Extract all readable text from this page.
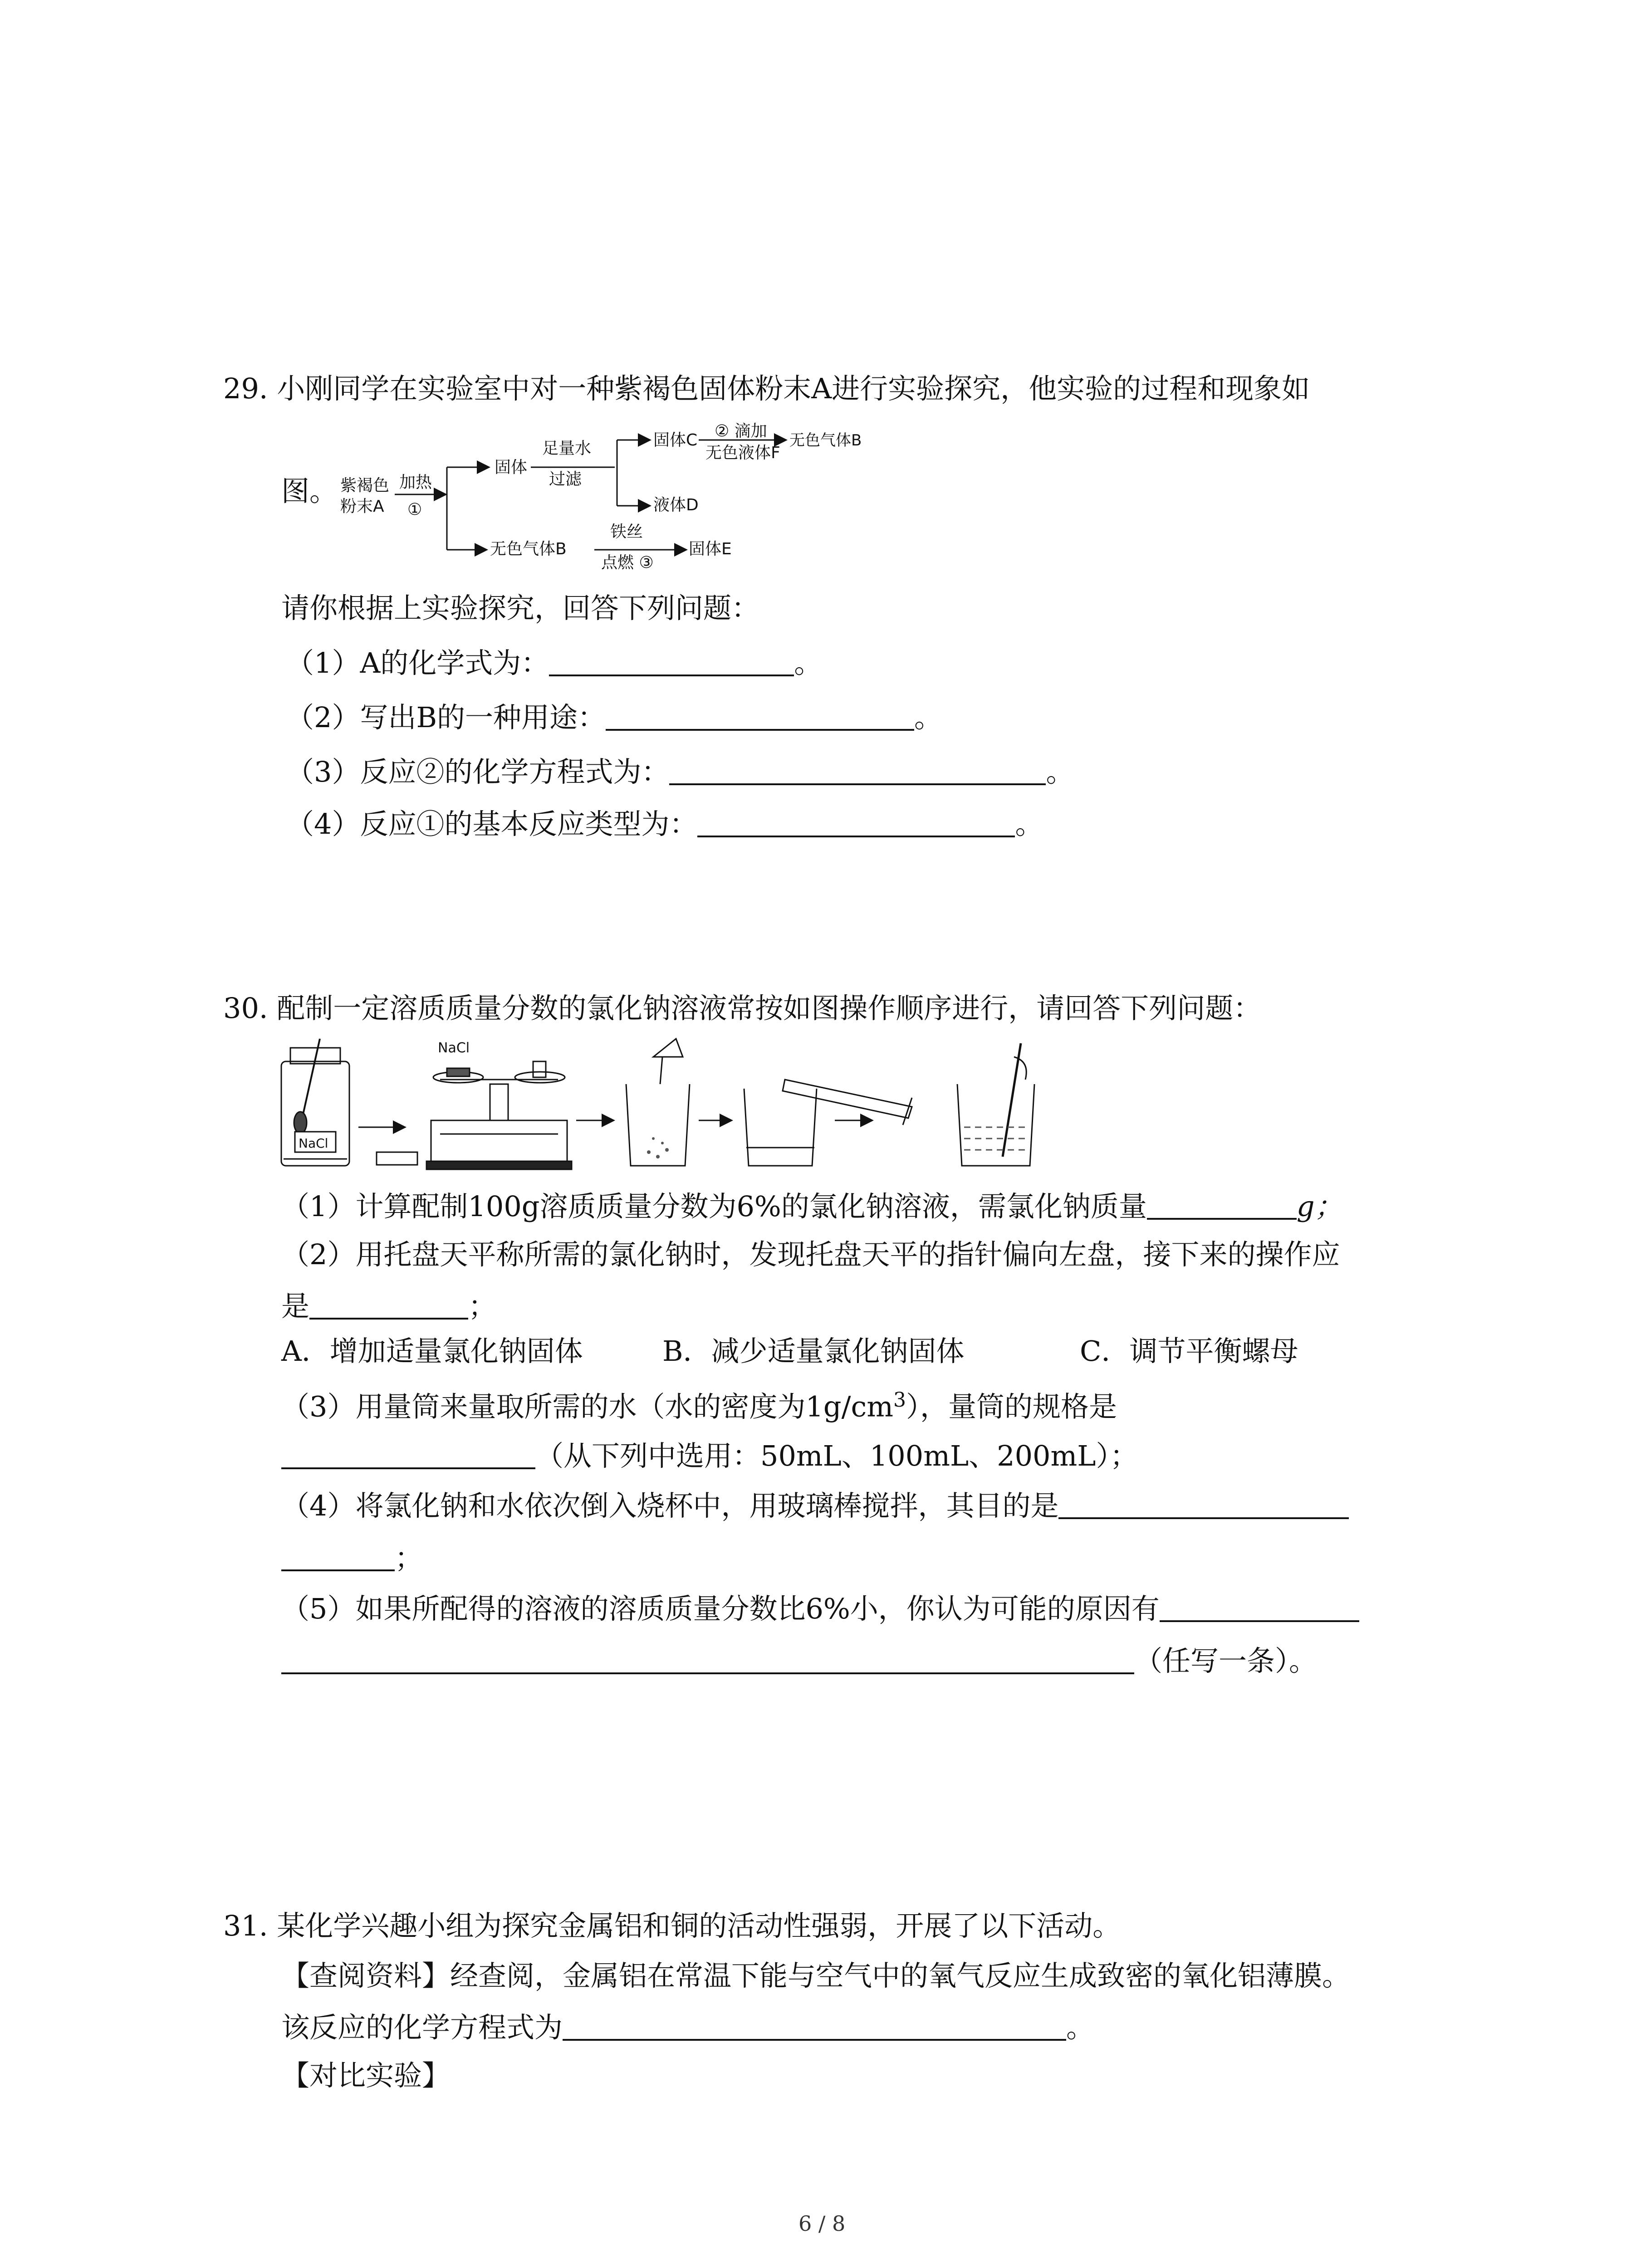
29. 小刚同学在实验室中对一种紫褐色固体粉末A进行实验探究，他实验的过程和现象如
图。 紫褐色
粉末A
加热
①
固体
足量水
过滤
固体C ② 滴加
无色液体F
无色气体B
液体D
无色气体B
铁丝
点燃 ③
固体E
请你根据上实验探究，回答下列问题：
（1）A的化学式为：	。
（2）写出B的一种用途：	。
（3）反应②的化学方程式为：	。
（4）反应①的基本反应类型为：	。
30. 配制一定溶质质量分数的氯化钠溶液常按如图操作顺序进行，请回答下列问题：
NaCl
NaCl
（1）计算配制100g溶质质量分数为6%的氯化钠溶液，需氯化钠质量	g；
（2）用托盘天平称所需的氯化钠时，发现托盘天平的指针偏向左盘，接下来的操作应
是	；
A．增加适量氯化钠固体	B．减少适量氯化钠固体	C．调节平衡螺母
（3）用量筒来量取所需的水（水的密度为$1g/cm^3$），量筒的规格是
（从下列中选用：50mL、100mL、200mL）；
（4）将氯化钠和水依次倒入烧杯中，用玻璃棒搅拌，其目的是
；
（5）如果所配得的溶液的溶质质量分数比6%小，你认为可能的原因有
（任写一条）。
31. 某化学兴趣小组为探究金属铝和铜的活动性强弱，开展了以下活动。
【查阅资料】经查阅，金属铝在常温下能与空气中的氧气反应生成致密的氧化铝薄膜。
该反应的化学方程式为	。
【对比实验】
6 / 8
